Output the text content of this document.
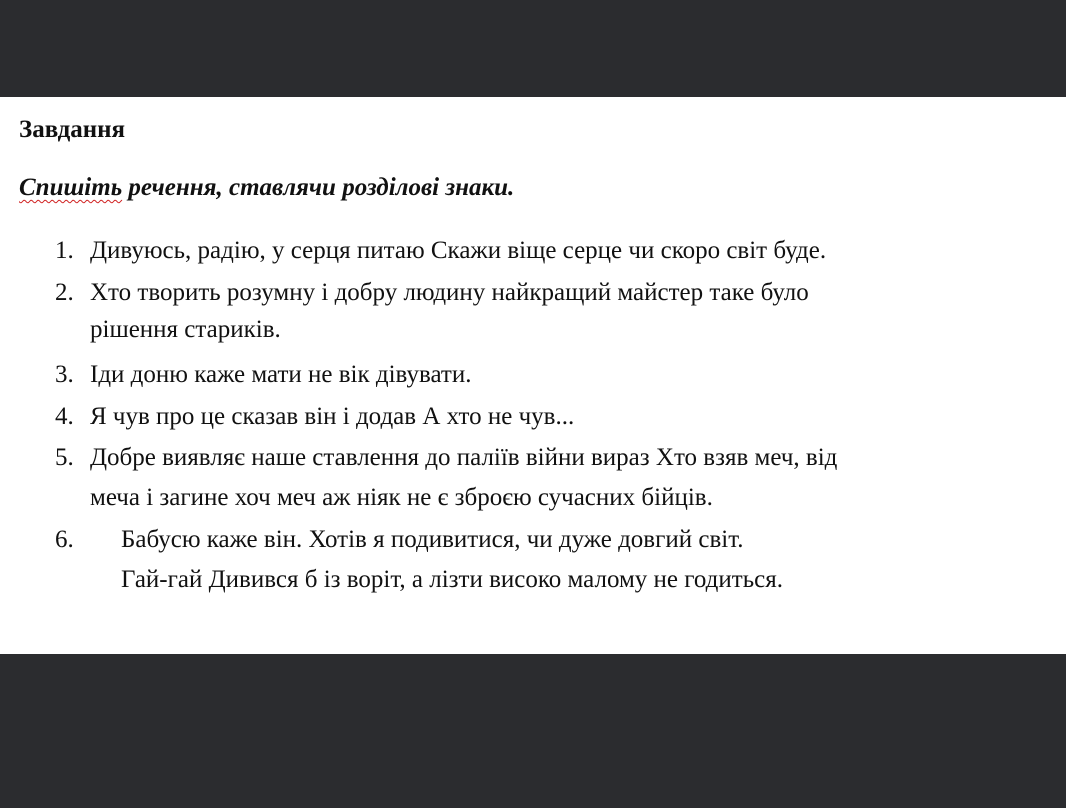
Завдання

Спишіть речення, ставлячи розділові знаки.

1. Дивуюсь, радію, у серця питаю Скажи віще серце чи скоро світ буде.
2. Хто творить розумну і добру людину найкращий майстер таке було
рішення стариків.
3. Іди доню каже мати не вік дівувати.
4. Я чув про це сказав він і додав А хто не чув...
5. Добре виявляє наше ставлення до паліїв війни вираз Хто взяв меч, від
меча і загине хоч меч аж ніяк не є зброєю сучасних бійців.
6. Бабусю каже він. Хотів я подивитися, чи дуже довгий світ.
Гай-гай Дивився б із воріт, а лізти високо малому не годиться.
